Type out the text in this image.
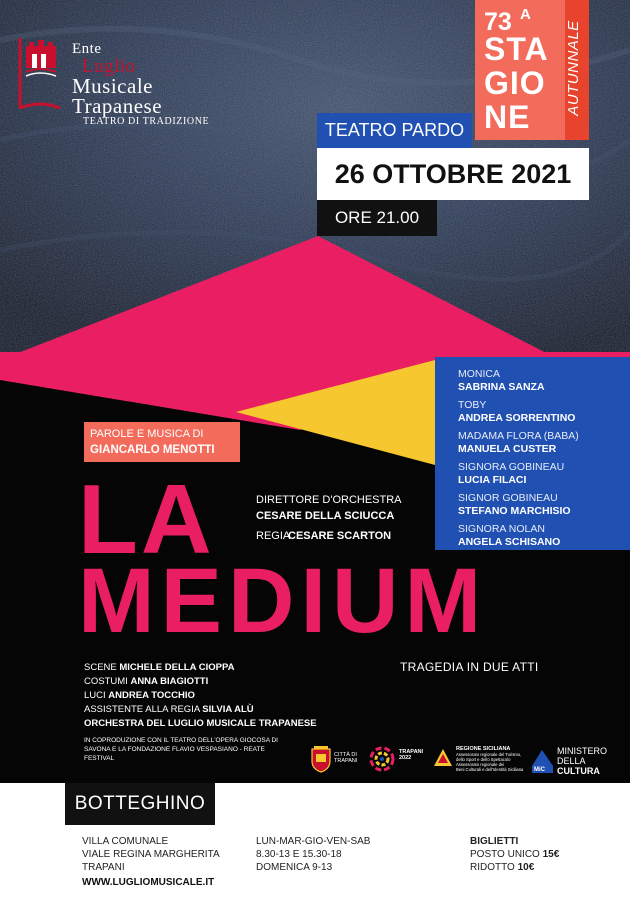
Ente
Luglio
Musicale
Trapanese
TEATRO DI TRADIZIONE
73 A
STA
GIO
NE
AUTUNNALE
TEATRO PARDO
26 OTTOBRE 2021
ORE 21.00
MONICA
SABRINA SANZA
TOBY
ANDREA SORRENTINO
MADAMA FLORA (BABA)
MANUELA CUSTER
SIGNORA GOBINEAU
LUCIA FILACI
SIGNOR GOBINEAU
STEFANO MARCHISIO
SIGNORA NOLAN
ANGELA SCHISANO
PAROLE E MUSICA DI
GIANCARLO MENOTTI
DIRETTORE D'ORCHESTRA
CESARE DELLA SCIUCCA
REGIA
CESARE SCARTON
LA
MEDIUM
TRAGEDIA IN DUE ATTI
SCENE MICHELE DELLA CIOPPA
COSTUMI ANNA BIAGIOTTI
LUCI ANDREA TOCCHIO
ASSISTENTE ALLA REGIA SILVIA ALÙ
ORCHESTRA DEL LUGLIO MUSICALE TRAPANESE
IN COPRODUZIONE CON IL TEATRO DELL'OPERA GIOCOSA DI SAVONA E LA FONDAZIONE FLAVIO VESPASIANO - REATE FESTIVAL	CITTÀ DI TRAPANI
TRAPANI 2022
REGIONE SICILIANA
Assessorato regionale del Turismo,
dello Sport e dello Spettacolo
Assessorato regionale dei
Beni Culturali e dell'Identità Siciliana MiC
MINISTERO
DELLA
CULTURA
BOTTEGHINO
VILLA COMUNALE
VIALE REGINA MARGHERITA
TRAPANI
WWW.LUGLIOMUSICALE.IT
LUN-MAR-GIO-VEN-SAB
8.30-13 E 15.30-18
DOMENICA 9-13
BIGLIETTI
POSTO UNICO 15€
RIDOTTO 10€
